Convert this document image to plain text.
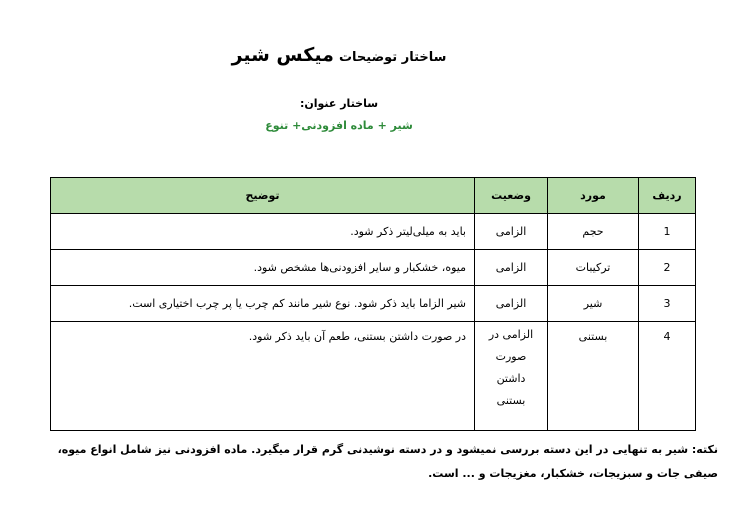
ساختار توضیحات میکس شیر
ساختار عنوان:
شیر + ماده افزودنی+ تنوع
ردیف	مورد	وضعیت	توضیح
1	حجم	الزامی	باید به میلی‌لیتر ذکر شود.
2	ترکیبات	الزامی	میوه، خشکبار و سایر افزودنی‌ها مشخص شود.
3	شیر	الزامی	شیر الزاما باید ذکر شود. نوع شیر مانند کم چرب یا پر چرب اختیاری است.
4	بستنی	الزامی در صورت داشتن بستنی	در صورت داشتن بستنی، طعم آن باید ذکر شود.
نکته: شیر به تنهایی در این دسته بررسی نمیشود و در دسته نوشیدنی گرم قرار میگیرد. ماده افزودنی نیز شامل انواع میوه، صیفی جات و سبزیجات، خشکبار، مغزیجات و ... است.
